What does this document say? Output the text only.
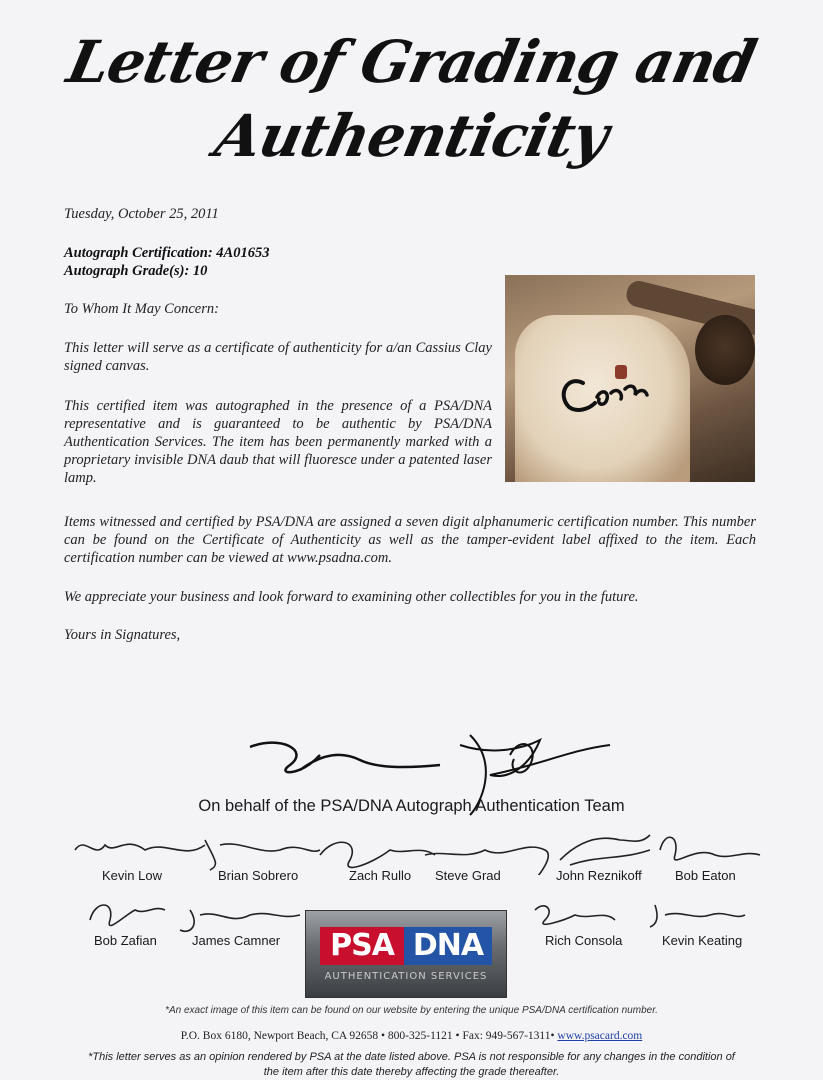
Letter of Grading and
Authenticity
Tuesday, October 25, 2011
Autograph Certification: 4A01653
Autograph Grade(s): 10
To Whom It May Concern:
This letter will serve as a certificate of authenticity for a/an Cassius Clay signed canvas.
This certified item was autographed in the presence of a PSA/DNA representative and is guaranteed to be authentic by PSA/DNA Authentication Services. The item has been permanently marked with a proprietary invisible DNA daub that will fluoresce under a patented laser lamp.
Items witnessed and certified by PSA/DNA are assigned a seven digit alphanumeric certification number. This number can be found on the Certificate of Authenticity as well as the tamper-evident label affixed to the item. Each certification number can be viewed at www.psadna.com.
We appreciate your business and look forward to examining other collectibles for you in the future.
Yours in Signatures,
On behalf of the PSA/DNA Autograph Authentication Team
Kevin Low	Brian Sobrero	Zach Rullo Steve Grad	John Reznikoff	Bob Eaton
Bob Zafian	James Camner	Rich Consola	Kevin Keating
PSA DNA
AUTHENTICATION SERVICES
*An exact image of this item can be found on our website by entering the unique PSA/DNA certification number.
P.O. Box 6180, Newport Beach, CA 92658 • 800-325-1121 • Fax: 949-567-1311• www.psacard.com
*This letter serves as an opinion rendered by PSA at the date listed above. PSA is not responsible for any changes in the condition of
the item after this date thereby affecting the grade thereafter.
